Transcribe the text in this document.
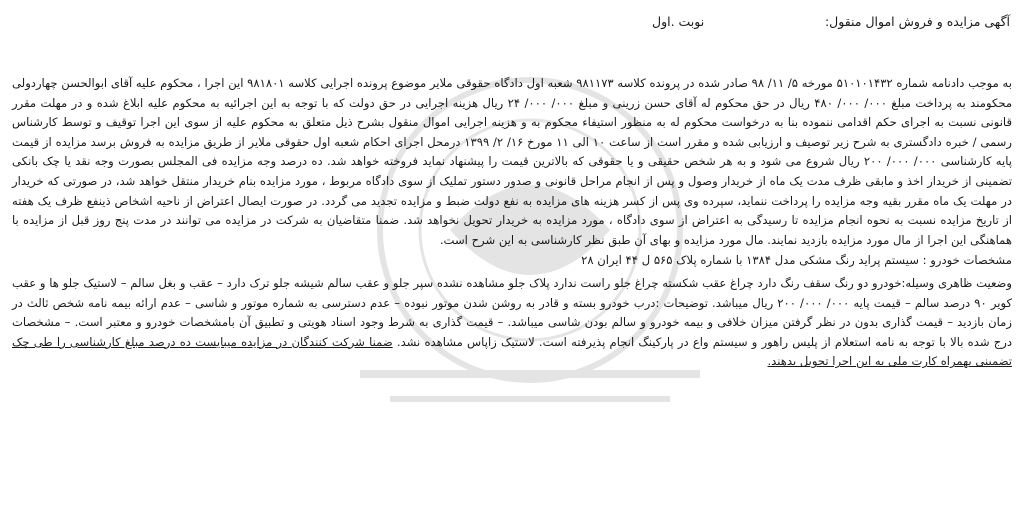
آگهی مزایده و فروش اموال منقول:
نوبت .اول
به موجب دادنامه شماره ۵۱۰۱۰۱۴۳۲ مورخه ۵/ ۱۱/ ۹۸ صادر شده در پرونده کلاسه ۹۸۱۱۷۳ شعبه اول دادگاه حقوقی ملایر موضوع پرونده اجرایی کلاسه ۹۸۱۸۰۱ این اجرا ، محکوم علیه آقای ابوالحسن چهاردولی محکومند به پرداخت مبلغ ۰۰۰/ ۰۰۰/ ۴۸۰ ریال در حق محکوم له آقای حسن زرینی و مبلغ ۰۰۰/ ۰۰۰/ ۲۴ ریال هزینه اجرایی در حق دولت که با توجه به این اجرائیه به محکوم علیه ابلاغ شده و در مهلت مقرر قانونی نسبت به اجرای حکم اقدامی ننموده بنا به درخواست محکوم له به منظور استیفاء محکوم به و هزینه اجرایی اموال منقول بشرح ذیل متعلق به محکوم علیه از سوی این اجرا توقیف و توسط کارشناس رسمی / خبره دادگستری به شرح زیر توصیف و ارزیابی شده و مقرر است از ساعت ۱۰ الی ۱۱ مورخ ۱۶/ ۲/ ۱۳۹۹ درمحل اجرای احکام شعبه اول حقوقی ملایر از طریق مزایده به فروش برسد مزایده از قیمت پایه کارشناسی ۰۰۰/ ۰۰۰/ ۲۰۰ ریال شروع می شود و به هر شخص حقیقی و یا حقوقی که بالاترین قیمت را پیشنهاد نماید فروخته خواهد شد. ده درصد وجه مزایده فی المجلس بصورت وجه نقد یا چک بانکی تضمینی از خریدار اخذ و مابقی ظرف مدت یک ماه از خریدار وصول و پس از انجام مراحل قانونی و صدور دستور تملیک از سوی دادگاه مربوط ، مورد مزایده بنام خریدار منتقل خواهد شد، در صورتی که خریدار در مهلت یک ماه مقرر بقیه وجه مزایده را پرداخت ننماید، سپرده وی پس از کسر هزینه های مزایده به نفع دولت ضبط و مزایده تجدید می گردد. در صورت ایصال اعتراض از ناحیه اشخاص ذینفع ظرف یک هفته از تاریخ مزایده نسبت به نحوه انجام مزایده تا رسیدگی به اعتراض از سوی دادگاه ، مورد مزایده به خریدار تحویل نخواهد شد. ضمنا متقاضیان به شرکت در مزایده می توانند در مدت پنج روز قبل از مزایده با هماهنگی این اجرا از مال مورد مزایده بازدید نمایند. مال مورد مزایده و بهای آن طبق نظر کارشناسی به این شرح است.
مشخصات خودرو : سیستم پراید رنگ مشکی مدل ۱۳۸۴ با شماره پلاک ۵۶۵ ل ۴۴ ایران ۲۸
وضعیت ظاهری وسیله:خودرو دو رنگ سقف رنگ دارد چراغ عقب شکسته چراغ جلو راست ندارد پلاک جلو مشاهده نشده سپر جلو و عقب سالم شیشه جلو ترک دارد – عقب و بغل سالم – لاستیک جلو ها و عقب کویر ۹۰ درصد سالم – قیمت پایه ۰۰۰/ ۰۰۰/ ۲۰۰ ریال میباشد. توضیحات :درب خودرو بسته و قادر به روشن شدن موتور نبوده – عدم دسترسی به شماره موتور و شاسی – عدم ارائه بیمه نامه شخص ثالث در زمان بازدید – قیمت گذاری بدون در نظر گرفتن میزان خلافی و بیمه خودرو و سالم بودن شاسی میباشد. – قیمت گذاری به شرط وجود اسناد هویتی و تطبیق آن بامشخصات خودرو و معتبر است. – مشخصات درج شده بالا با توجه به نامه استعلام از پلیس راهور و سیستم واع در پارکینگ انجام پذیرفته است. لاستیک زاپاس مشاهده نشد. ضمنا شرکت کنندگان در مزایده میبایست ده درصد مبلغ کارشناسی را طی چک تضمینی بهمراه کارت ملی به این اجرا تحویل بدهند.
